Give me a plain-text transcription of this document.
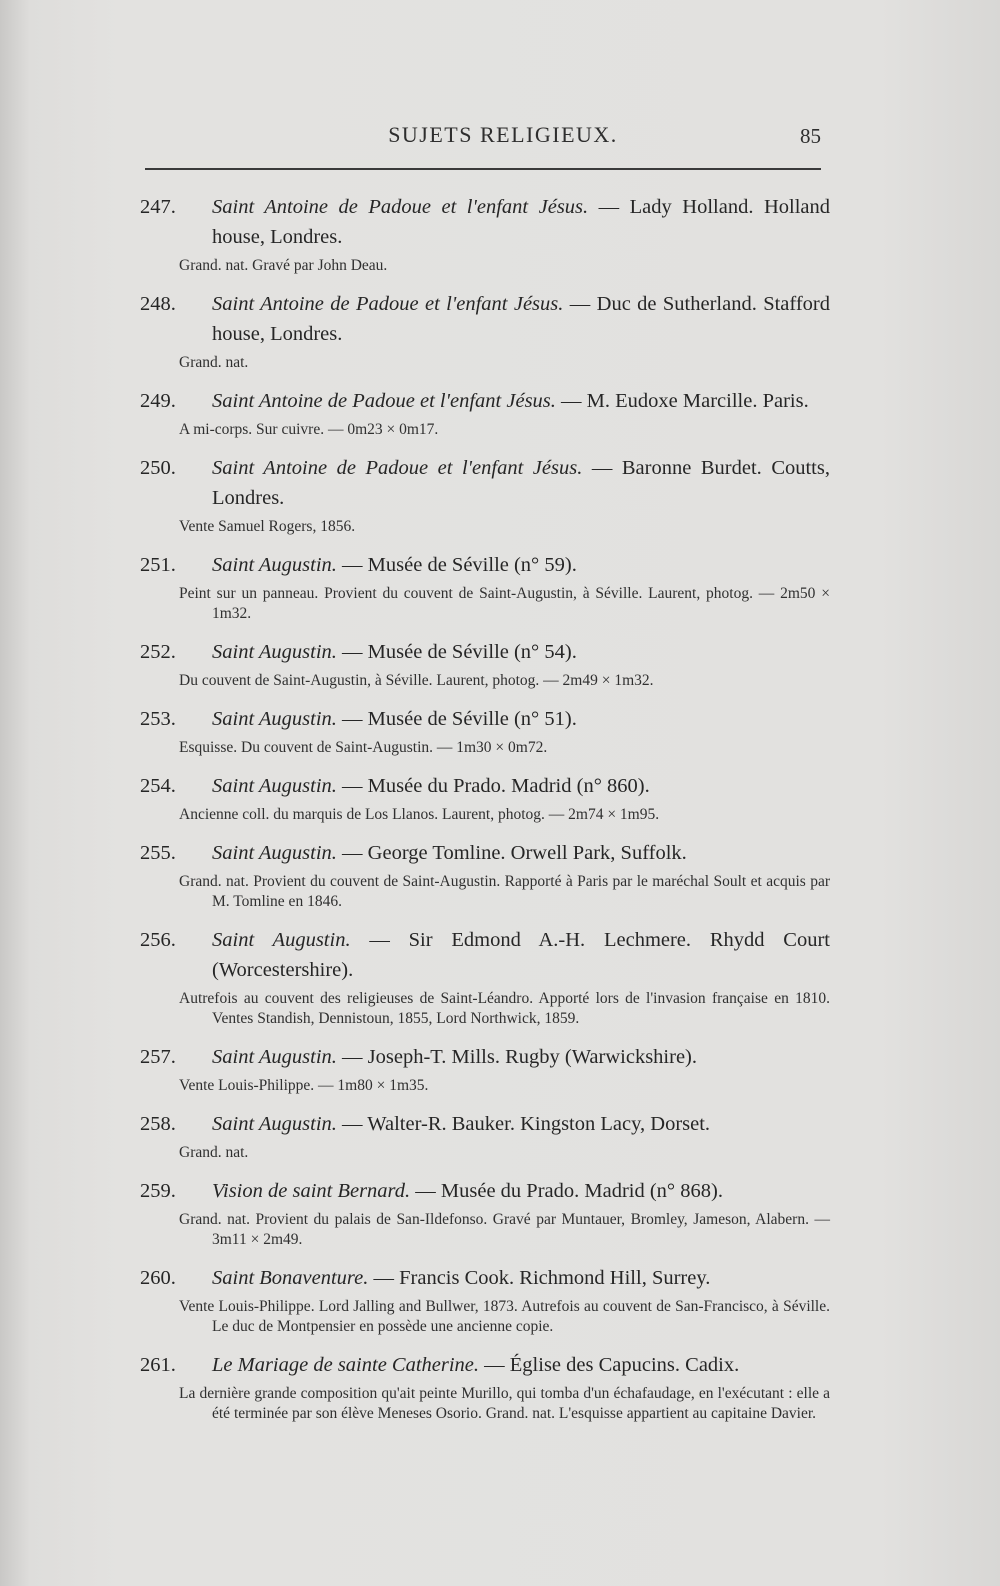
SUJETS RELIGIEUX.	85
247. Saint Antoine de Padoue et l'enfant Jésus. — Lady Holland. Holland house, Londres.
Grand. nat. Gravé par John Deau.
248. Saint Antoine de Padoue et l'enfant Jésus. — Duc de Sutherland. Stafford house, Londres.
Grand. nat.
249. Saint Antoine de Padoue et l'enfant Jésus. — M. Eudoxe Marcille. Paris.
A mi-corps. Sur cuivre. — 0m23 × 0m17.
250. Saint Antoine de Padoue et l'enfant Jésus. — Baronne Burdet. Coutts, Londres.
Vente Samuel Rogers, 1856.
251. Saint Augustin. — Musée de Séville (n° 59).
Peint sur un panneau. Provient du couvent de Saint-Augustin, à Séville. Laurent, photog. — 2m50 × 1m32.
252. Saint Augustin. — Musée de Séville (n° 54).
Du couvent de Saint-Augustin, à Séville. Laurent, photog. — 2m49 × 1m32.
253. Saint Augustin. — Musée de Séville (n° 51).
Esquisse. Du couvent de Saint-Augustin. — 1m30 × 0m72.
254. Saint Augustin. — Musée du Prado. Madrid (n° 860).
Ancienne coll. du marquis de Los Llanos. Laurent, photog. — 2m74 × 1m95.
255. Saint Augustin. — George Tomline. Orwell Park, Suffolk.
Grand. nat. Provient du couvent de Saint-Augustin. Rapporté à Paris par le maréchal Soult et acquis par M. Tomline en 1846.
256. Saint Augustin. — Sir Edmond A.-H. Lechmere. Rhydd Court (Worcestershire).
Autrefois au couvent des religieuses de Saint-Léandro. Apporté lors de l'invasion française en 1810. Ventes Standish, Dennistoun, 1855, Lord Northwick, 1859.
257. Saint Augustin. — Joseph-T. Mills. Rugby (Warwickshire).
Vente Louis-Philippe. — 1m80 × 1m35.
258. Saint Augustin. — Walter-R. Bauker. Kingston Lacy, Dorset.
Grand. nat.
259. Vision de saint Bernard. — Musée du Prado. Madrid (n° 868).
Grand. nat. Provient du palais de San-Ildefonso. Gravé par Muntauer, Bromley, Jameson, Alabern. — 3m11 × 2m49.
260. Saint Bonaventure. — Francis Cook. Richmond Hill, Surrey.
Vente Louis-Philippe. Lord Jalling and Bullwer, 1873. Autrefois au couvent de San-Francisco, à Séville. Le duc de Montpensier en possède une ancienne copie.
261. Le Mariage de sainte Catherine. — Église des Capucins. Cadix.
La dernière grande composition qu'ait peinte Murillo, qui tomba d'un échafaudage, en l'exécutant : elle a été terminée par son élève Meneses Osorio. Grand. nat. L'esquisse appartient au capitaine Davier.
